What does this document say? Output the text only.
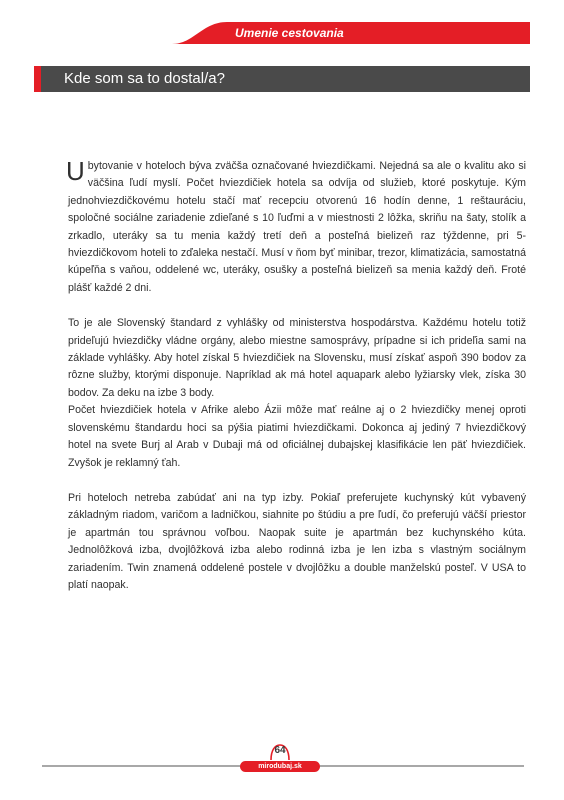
Umenie cestovania
Kde som sa to dostal/a?

Ubytovanie v hoteloch býva zväčša označované hviezdičkami. Nejedná sa ale o kvalitu ako si väčšina ľudí myslí. Počet hviezdičiek hotela sa odvíja od služieb, ktoré poskytuje. Kým jednohviezdičkovému hotelu stačí mať recepciu otvorenú 16 hodín denne, 1 reštauráciu, spoločné sociálne zariadenie zdieľané s 10 ľuďmi a v miestnosti 2 lôžka, skriňu na šaty, stolík a zrkadlo, uteráky sa tu menia každý tretí deň a posteľná bielizeň raz týždenne, pri 5-hviezdičkovom hoteli to zďaleka nestačí. Musí v ňom byť minibar, trezor, klimatizácia, samostatná kúpeľňa s vaňou, oddelené wc, uteráky, osušky a posteľná bielizeň sa menia každý deň. Froté plášť každé 2 dni.

To je ale Slovenský štandard z vyhlášky od ministerstva hospodárstva. Každému hotelu totiž prideľujú hviezdičky vládne orgány, alebo miestne samosprávy, prípadne si ich prideľia sami na základe vyhlášky. Aby hotel získal 5 hviezdičiek na Slovensku, musí získať aspoň 390 bodov za rôzne služby, ktorými disponuje. Napríklad ak má hotel aquapark alebo lyžiarsky vlek, získa 30 bodov. Za deku na izbe 3 body.

Počet hviezdičiek hotela v Afrike alebo Ázii môže mať reálne aj o 2 hviezdičky menej oproti slovenskému štandardu hoci sa pýšia piatimi hviezdičkami. Dokonca aj jediný 7 hviezdičkový hotel na svete Burj al Arab v Dubaji má od oficiálnej dubajskej klasifikácie len päť hviezdičiek. Zvyšok je reklamný ťah.

Pri hoteloch netreba zabúdať ani na typ izby. Pokiaľ preferujete kuchynský kút vybavený základným riadom, varičom a ladničkou, siahnite po štúdiu a pre ľudí, čo preferujú väčší priestor je apartmán tou správnou voľbou. Naopak suite je apartmán bez kuchynského kúta. Jednolôžková izba, dvojlôžková izba alebo rodinná izba je len izba s vlastným sociálnym zariadením. Twin znamená oddelené postele v dvojlôžku a double manželskú posteľ. V USA to platí naopak.

mirodubaj.sk
64
